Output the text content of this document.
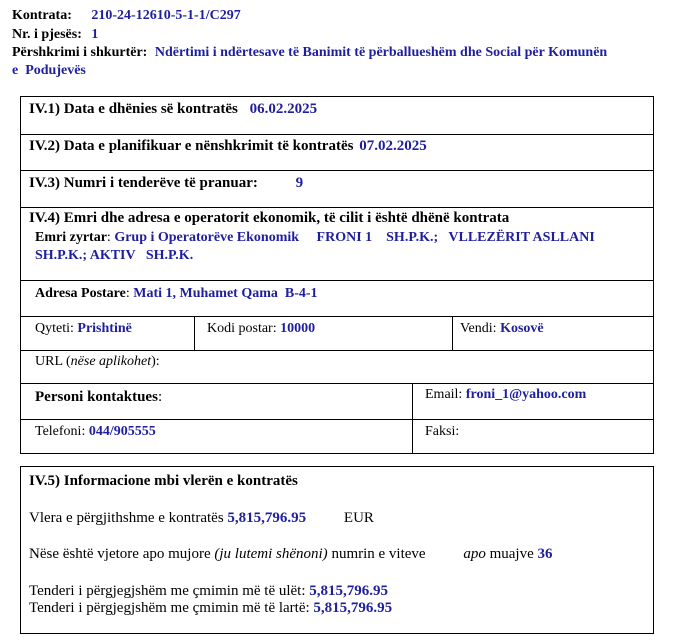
Kontrata: 210-24-12610-5-1-1/C297
Nr. i pjesës: 1
Përshkrimi i shkurtër: Ndërtimi i ndërtesave të Banimit të përballueshëm dhe Social për Komunën
e  Podujevës
IV.1) Data e dhënies së kontratës 06.02.2025
IV.2) Data e planifikuar e nënshkrimit të kontratës 07.02.2025
IV.3) Numri i tenderëve të pranuar:	9
IV.4) Emri dhe adresa e operatorit ekonomik, të cilit i është dhënë kontrata
Emri zyrtar: Grup i Operatorëve Ekonomik     FRONI 1    SH.P.K.;   VLLEZËRIT ASLLANI
SH.P.K.; AKTIV   SH.P.K.
Adresa Postare: Mati 1, Muhamet Qama  B-4-1
Qyteti: Prishtinë	Kodi postar: 10000	Vendi: Kosovë
URL (nëse aplikohet):
Personi kontaktues:	Email: froni_1@yahoo.com
Telefoni: 044/905555	Faksi:
IV.5) Informacione mbi vlerën e kontratës
Vlera e përgjithshme e kontratës 5,815,796.95	EUR
Nëse është vjetore apo mujore (ju lutemi shënoni) numrin e viteve	apo muajve 36
Tenderi i përgjegjshëm me çmimin më të ulët: 5,815,796.95
Tenderi i përgjegjshëm me çmimin më të lartë: 5,815,796.95
